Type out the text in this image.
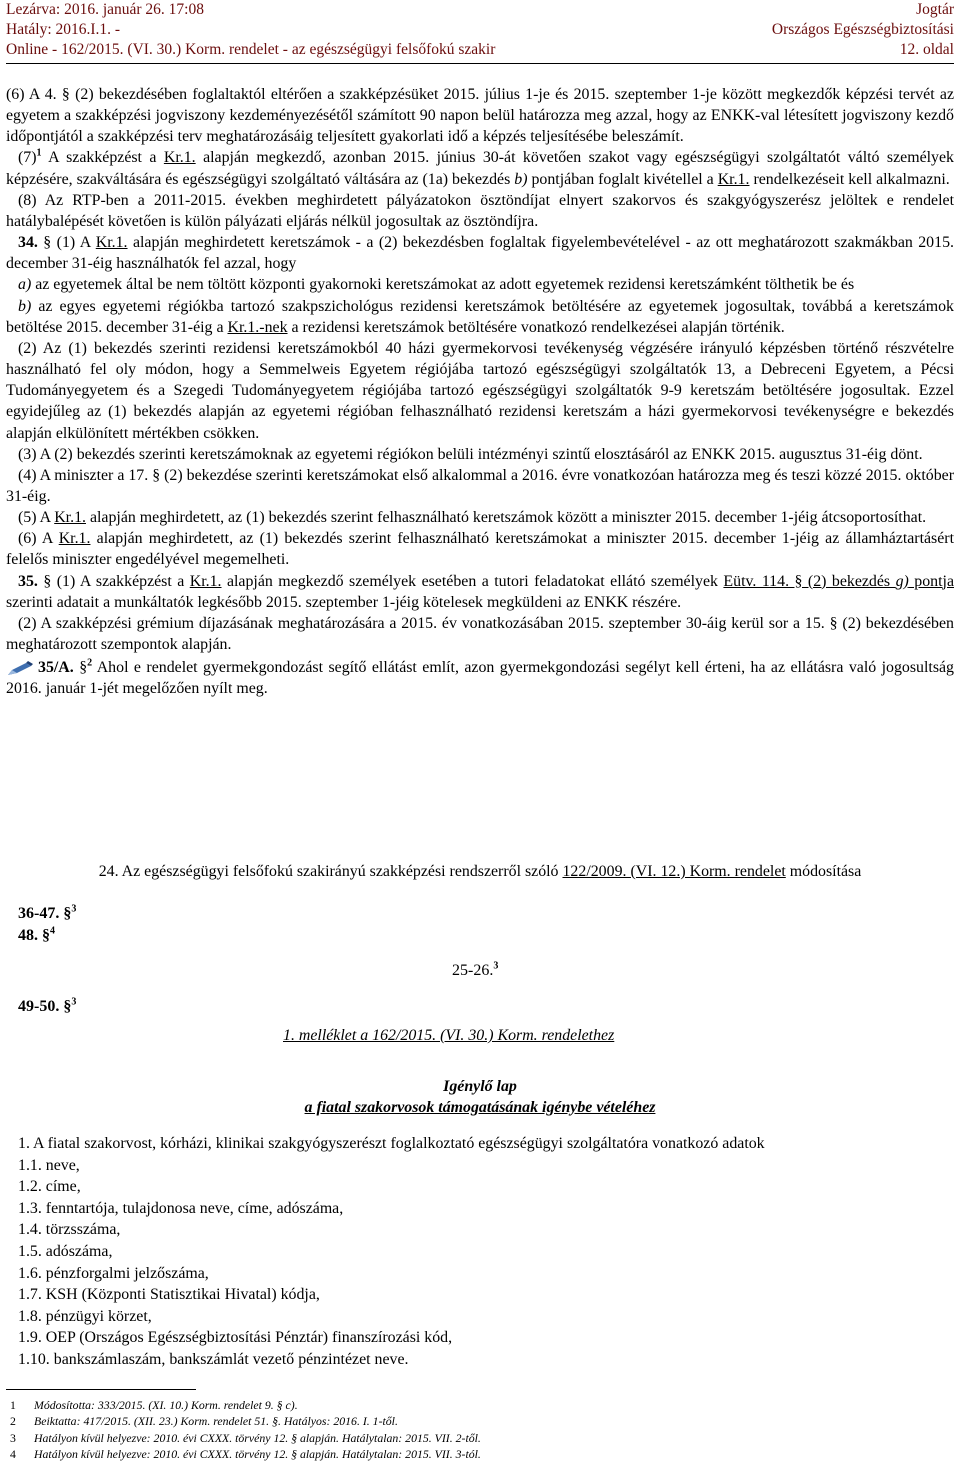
Lezárva: 2016. január 26. 17:08	Jogtár
Hatály: 2016.I.1. -	Országos Egészségbiztosítási
Online - 162/2015. (VI. 30.) Korm. rendelet - az egészségügyi felsőfokú szakir	12. oldal

(6) A 4. § (2) bekezdésében foglaltaktól eltérően a szakképzésüket 2015. július 1-je és 2015. szeptember 1-je között megkezdők képzési tervét az egyetem a szakképzési jogviszony kezdeményezésétől számított 90 napon belül határozza meg azzal, hogy az ENKK-val létesített jogviszony kezdő időpontjától a szakképzési terv meghatározásáig teljesített gyakorlati idő a képzés teljesítésébe beleszámít.

$(7)^1$ A szakképzést a Kr.1. alapján megkezdő, azonban 2015. június 30-át követően szakot vagy egészségügyi szolgáltatót váltó személyek képzésére, szakváltására és egészségügyi szolgáltató váltására az (1a) bekezdés b) pontjában foglalt kivétellel a Kr.1. rendelkezéseit kell alkalmazni.

(8) Az RTP-ben a 2011-2015. években meghirdetett pályázatokon ösztöndíjat elnyert szakorvos és szakgyógyszerész jelöltek e rendelet hatálybalépését követően is külön pályázati eljárás nélkül jogosultak az ösztöndíjra.

34. § (1) A Kr.1. alapján meghirdetett keretszámok - a (2) bekezdésben foglaltak figyelembevételével - az ott meghatározott szakmákban 2015. december 31-éig használhatók fel azzal, hogy

a) az egyetemek által be nem töltött központi gyakornoki keretszámokat az adott egyetemek rezidensi keretszámként tölthetik be és

b) az egyes egyetemi régiókba tartozó szakpszichológus rezidensi keretszámok betöltésére az egyetemek jogosultak, továbbá a keretszámok betöltése 2015. december 31-éig a Kr.1.-nek a rezidensi keretszámok betöltésére vonatkozó rendelkezései alapján történik.

(2) Az (1) bekezdés szerinti rezidensi keretszámokból 40 házi gyermekorvosi tevékenység végzésére irányuló képzésben történő részvételre használható fel oly módon, hogy a Semmelweis Egyetem régiójába tartozó egészségügyi szolgáltatók 13, a Debreceni Egyetem, a Pécsi Tudományegyetem és a Szegedi Tudományegyetem régiójába tartozó egészségügyi szolgáltatók 9-9 keretszám betöltésére jogosultak. Ezzel egyidejűleg az (1) bekezdés alapján az egyetemi régióban felhasználható rezidensi keretszám a házi gyermekorvosi tevékenységre e bekezdés alapján elkülönített mértékben csökken.

(3) A (2) bekezdés szerinti keretszámoknak az egyetemi régiókon belüli intézményi szintű elosztásáról az ENKK 2015. augusztus 31-éig dönt.

(4) A miniszter a 17. § (2) bekezdése szerinti keretszámokat első alkalommal a 2016. évre vonatkozóan határozza meg és teszi közzé 2015. október 31-éig.

(5) A Kr.1. alapján meghirdetett, az (1) bekezdés szerint felhasználható keretszámok között a miniszter 2015. december 1-jéig átcsoportosíthat.

(6) A Kr.1. alapján meghirdetett, az (1) bekezdés szerint felhasználható keretszámokat a miniszter 2015. december 1-jéig az államháztartásért felelős miniszter engedélyével megemelheti.

35. § (1) A szakképzést a Kr.1. alapján megkezdő személyek esetében a tutori feladatokat ellátó személyek Eütv. 114. § (2) bekezdés g) pontja szerinti adatait a munkáltatók legkésőbb 2015. szeptember 1-jéig kötelesek megküldeni az ENKK részére.

(2) A szakképzési grémium díjazásának meghatározására a 2015. év vonatkozásában 2015. szeptember 30-áig kerül sor a 15. § (2) bekezdésében meghatározott szempontok alapján.

35/A. §$^2$ Ahol e rendelet gyermekgondozást segítő ellátást említ, azon gyermekgondozási segélyt kell érteni, ha az ellátásra való jogosultság 2016. január 1-jét megelőzően nyílt meg.

24. Az egészségügyi felsőfokú szakirányú szakképzési rendszerről szóló 122/2009. (VI. 12.) Korm. rendelet módosítása
36-47. §$^3$
48. §$^4$
25-26.$^3$
49-50. §$^3$
1. melléklet a 162/2015. (VI. 30.) Korm. rendelethez
Igénylő lap
a fiatal szakorvosok támogatásának igénybe vételéhez
1. A fiatal szakorvost, kórházi, klinikai szakgyógyszerészt foglalkoztató egészségügyi szolgáltatóra vonatkozó adatok
1.1. neve,
1.2. címe,
1.3. fenntartója, tulajdonosa neve, címe, adószáma,
1.4. törzsszáma,
1.5. adószáma,
1.6. pénzforgalmi jelzőszáma,
1.7. KSH (Központi Statisztikai Hivatal) kódja,
1.8. pénzügyi körzet,
1.9. OEP (Országos Egészségbiztosítási Pénztár) finanszírozási kód,
1.10. bankszámlaszám, bankszámlát vezető pénzintézet neve.
1	Módosította: 333/2015. (XI. 10.) Korm. rendelet 9. § c).
2	Beiktatta: 417/2015. (XII. 23.) Korm. rendelet 51. §. Hatályos: 2016. I. 1-től.
3	Hatályon kívül helyezve: 2010. évi CXXX. törvény 12. § alapján. Hatálytalan: 2015. VII. 2-től.
4	Hatályon kívül helyezve: 2010. évi CXXX. törvény 12. § alapján. Hatálytalan: 2015. VII. 3-tól.
